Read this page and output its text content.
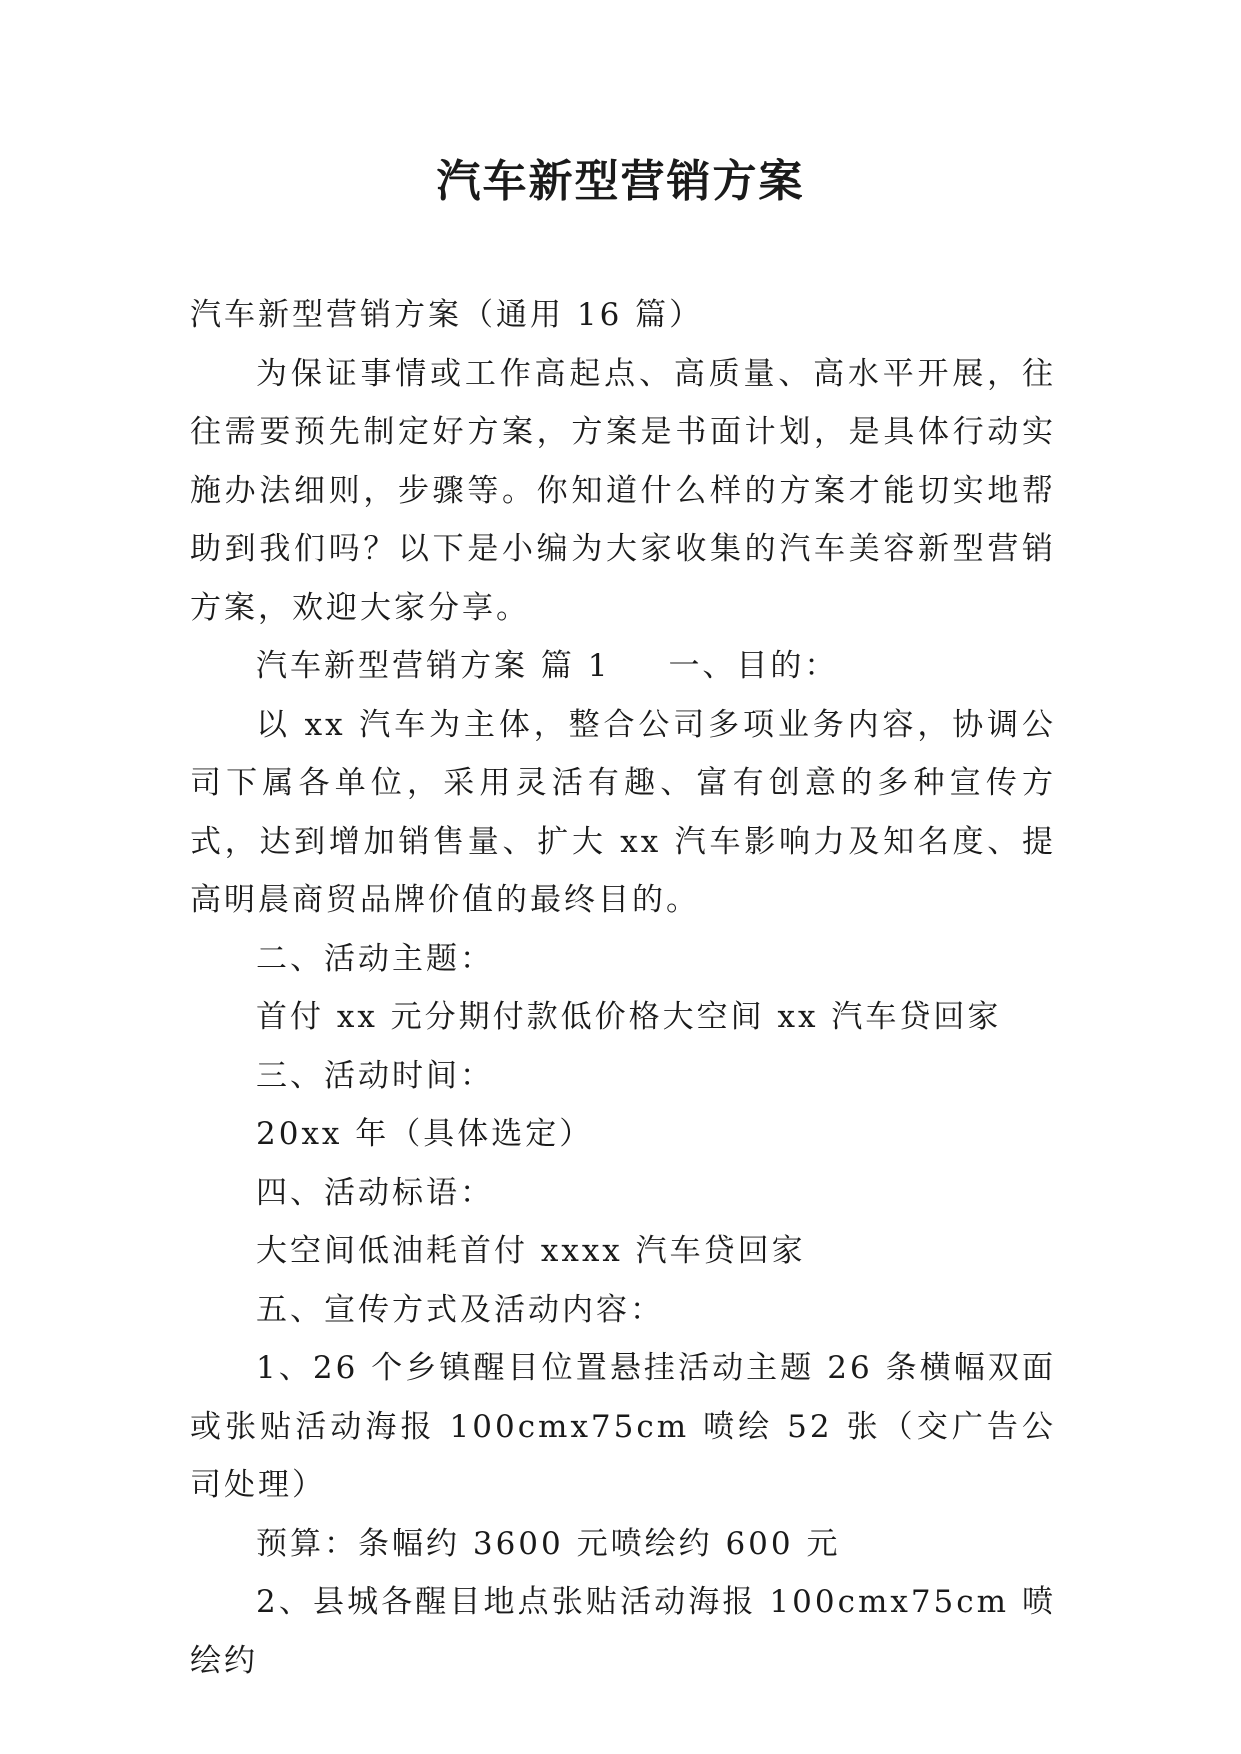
汽车新型营销方案

汽车新型营销方案（通用 16 篇）

为保证事情或工作高起点、高质量、高水平开展，往往需要预先制定好方案，方案是书面计划，是具体行动实施办法细则，步骤等。你知道什么样的方案才能切实地帮助到我们吗？以下是小编为大家收集的汽车美容新型营销方案，欢迎大家分享。

汽车新型营销方案 篇 1 一、目的：

以 xx 汽车为主体，整合公司多项业务内容，协调公司下属各单位，采用灵活有趣、富有创意的多种宣传方式，达到增加销售量、扩大 xx 汽车影响力及知名度、提高明晨商贸品牌价值的最终目的。

二、活动主题：

首付 xx 元分期付款低价格大空间 xx 汽车贷回家

三、活动时间：

20xx 年（具体选定）

四、活动标语：

大空间低油耗首付 xxxx 汽车贷回家

五、宣传方式及活动内容：

1、26 个乡镇醒目位置悬挂活动主题 26 条横幅双面或张贴活动海报 100cmx75cm 喷绘 52 张（交广告公司处理）

预算：条幅约 3600 元喷绘约 600 元

2、县城各醒目地点张贴活动海报 100cmx75cm 喷绘约
